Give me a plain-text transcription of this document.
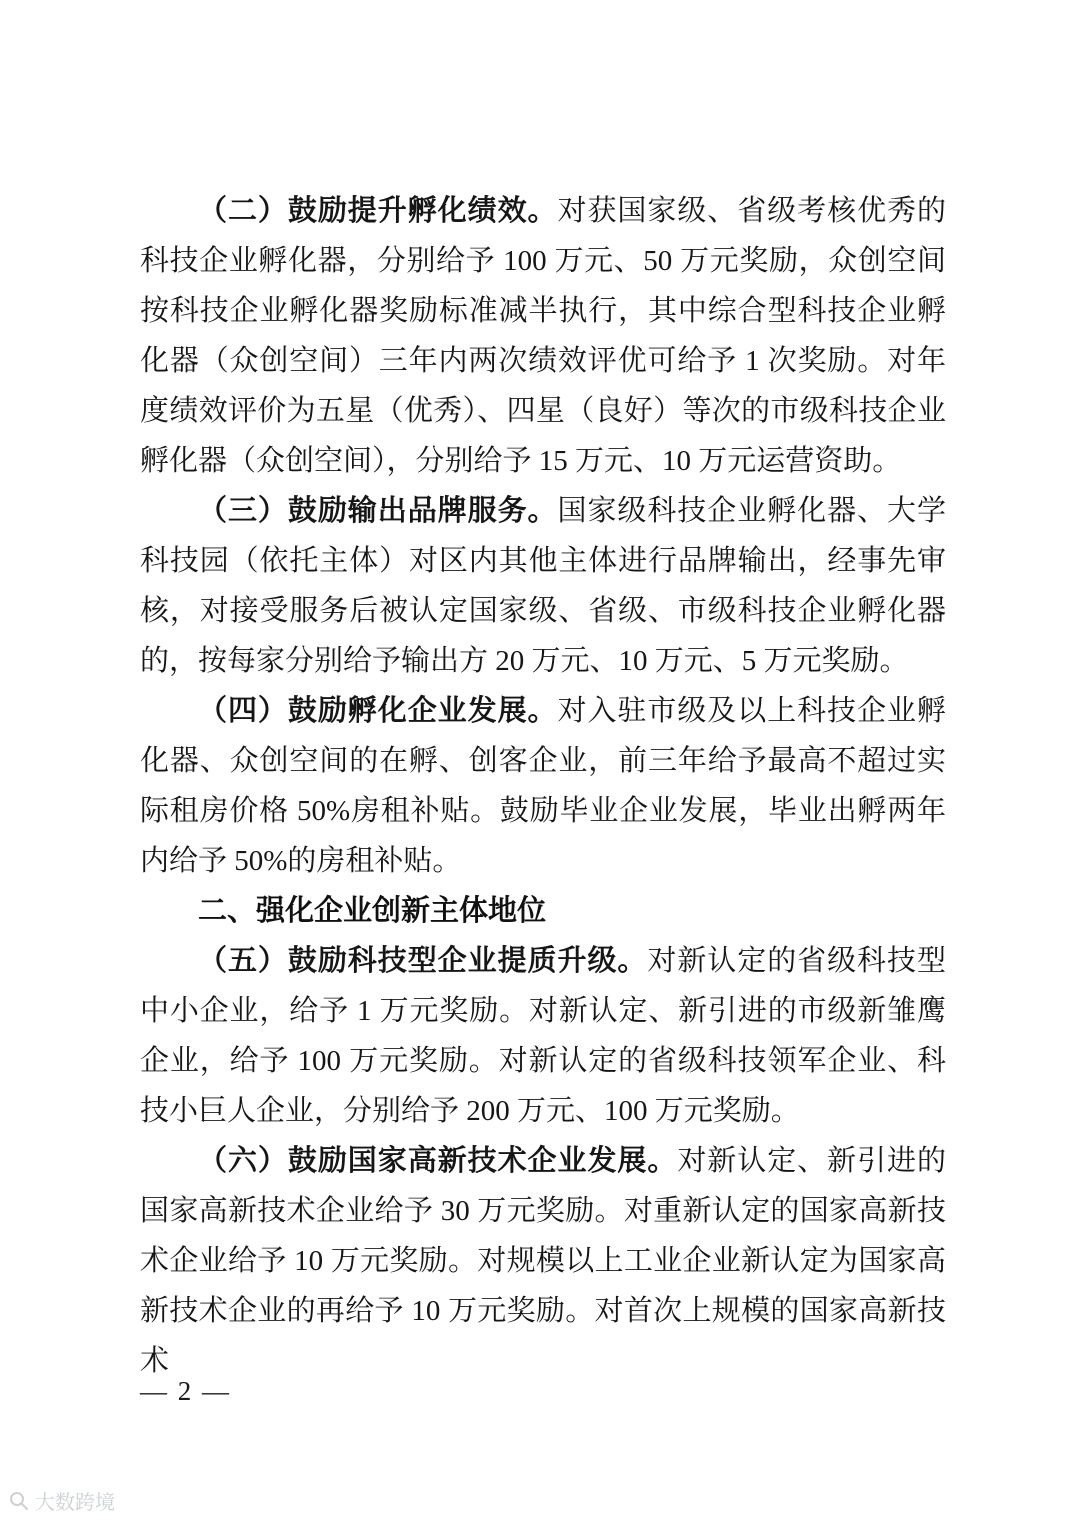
（二）鼓励提升孵化绩效。对获国家级、省级考核优秀的科技企业孵化器，分别给予 100 万元、50 万元奖励，众创空间按科技企业孵化器奖励标准减半执行，其中综合型科技企业孵化器（众创空间）三年内两次绩效评优可给予 1 次奖励。对年度绩效评价为五星（优秀）、四星（良好）等次的市级科技企业孵化器（众创空间），分别给予 15 万元、10 万元运营资助。

（三）鼓励输出品牌服务。国家级科技企业孵化器、大学科技园（依托主体）对区内其他主体进行品牌输出，经事先审核，对接受服务后被认定国家级、省级、市级科技企业孵化器的，按每家分别给予输出方 20 万元、10 万元、5 万元奖励。

（四）鼓励孵化企业发展。对入驻市级及以上科技企业孵化器、众创空间的在孵、创客企业，前三年给予最高不超过实际租房价格 50%房租补贴。鼓励毕业企业发展，毕业出孵两年内给予 50%的房租补贴。

二、强化企业创新主体地位

（五）鼓励科技型企业提质升级。对新认定的省级科技型中小企业，给予 1 万元奖励。对新认定、新引进的市级新雏鹰企业，给予 100 万元奖励。对新认定的省级科技领军企业、科技小巨人企业，分别给予 200 万元、100 万元奖励。

（六）鼓励国家高新技术企业发展。对新认定、新引进的国家高新技术企业给予 30 万元奖励。对重新认定的国家高新技术企业给予 10 万元奖励。对规模以上工业企业新认定为国家高新技术企业的再给予 10 万元奖励。对首次上规模的国家高新技术

— 2 —
大数跨境
